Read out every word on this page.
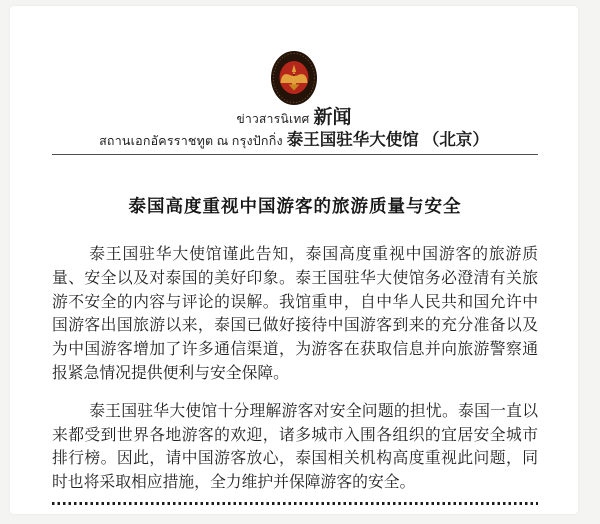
ข่าวสารนิเทศ 新闻
สถานเอกอัครราชทูต ณ กรุงปักกิ่ง 泰王国驻华大使馆 （北京）
泰国高度重视中国游客的旅游质量与安全

泰王国驻华大使馆谨此告知，泰国高度重视中国游客的旅游质量、安全以及对泰国的美好印象。泰王国驻华大使馆务必澄清有关旅游不安全的内容与评论的误解。我馆重申，自中华人民共和国允许中国游客出国旅游以来，泰国已做好接待中国游客到来的充分准备以及为中国游客增加了许多通信渠道，为游客在获取信息并向旅游警察通报紧急情况提供便利与安全保障。

泰王国驻华大使馆十分理解游客对安全问题的担忧。泰国一直以来都受到世界各地游客的欢迎，诸多城市入围各组织的宜居安全城市排行榜。因此，请中国游客放心，泰国相关机构高度重视此问题，同时也将采取相应措施，全力维护并保障游客的安全。
